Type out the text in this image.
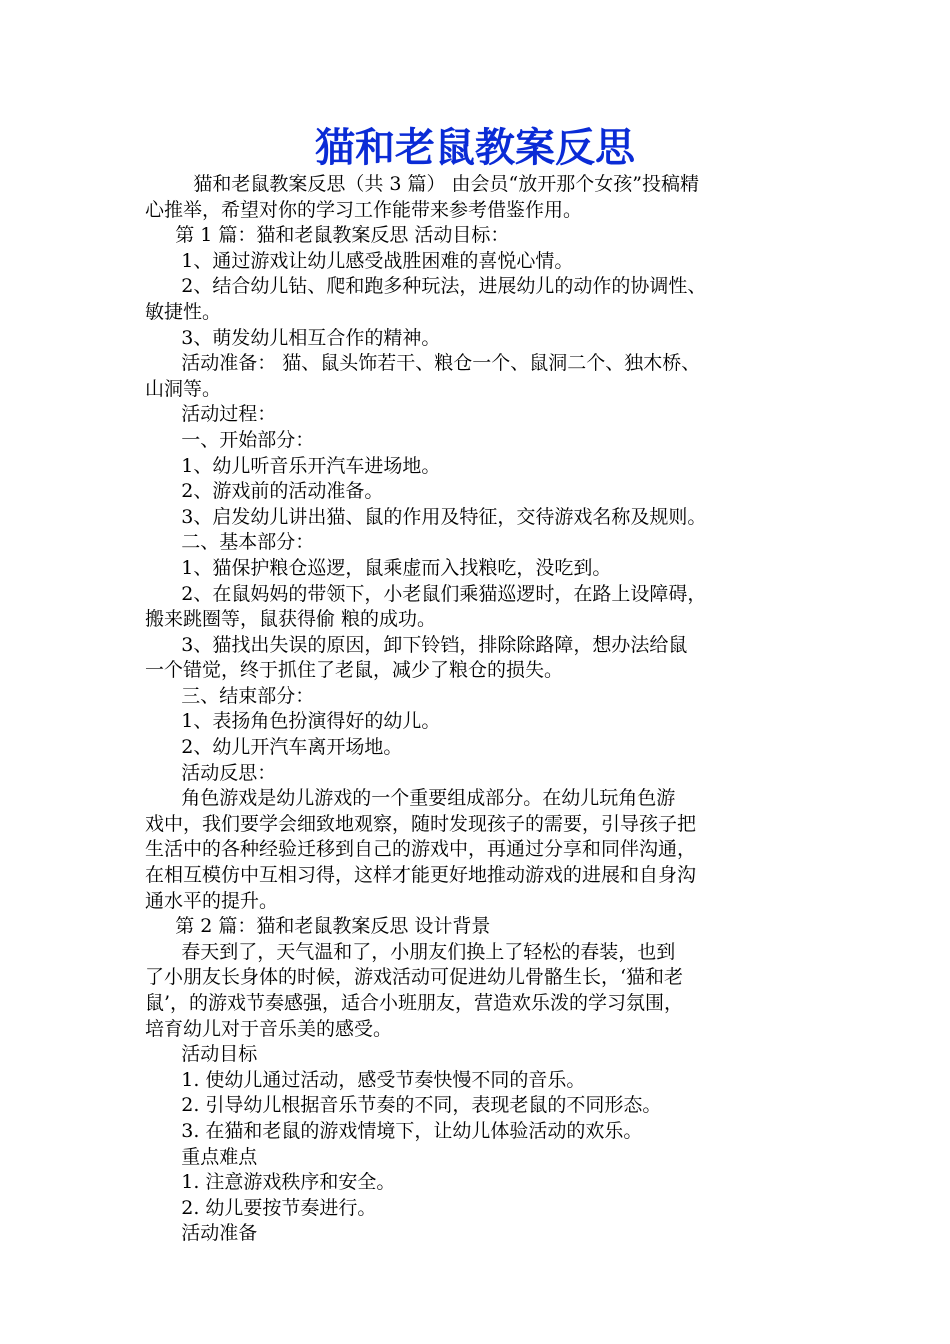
猫和老鼠教案反思
猫和老鼠教案反思（共 3 篇） 由会员“放开那个女孩”投稿精
心推举，希望对你的学习工作能带来参考借鉴作用。
第 1 篇：猫和老鼠教案反思 活动目标：
1、通过游戏让幼儿感受战胜困难的喜悦心情。
2、结合幼儿钻、爬和跑多种玩法，进展幼儿的动作的协调性、
敏捷性。
3、萌发幼儿相互合作的精神。
活动准备： 猫、鼠头饰若干、粮仓一个、鼠洞二个、独木桥、
山洞等。
活动过程：
一、开始部分：
1、幼儿听音乐开汽车进场地。
2、游戏前的活动准备。
3、启发幼儿讲出猫、鼠的作用及特征，交待游戏名称及规则。
二、基本部分：
1、猫保护粮仓巡逻，鼠乘虚而入找粮吃，没吃到。
2、在鼠妈妈的带领下，小老鼠们乘猫巡逻时，在路上设障碍，
搬来跳圈等，鼠获得偷 粮的成功。
3、猫找出失误的原因，卸下铃铛，排除除路障，想办法给鼠
一个错觉，终于抓住了老鼠，减少了粮仓的损失。
三、结束部分：
1、表扬角色扮演得好的幼儿。
2、幼儿开汽车离开场地。
活动反思：
角色游戏是幼儿游戏的一个重要组成部分。在幼儿玩角色游
戏中，我们要学会细致地观察，随时发现孩子的需要，引导孩子把
生活中的各种经验迁移到自己的游戏中，再通过分享和同伴沟通，
在相互模仿中互相习得，这样才能更好地推动游戏的进展和自身沟
通水平的提升。
第 2 篇：猫和老鼠教案反思 设计背景
春天到了，天气温和了，小朋友们换上了轻松的春装，也到
了小朋友长身体的时候，游戏活动可促进幼儿骨骼生长，‘猫和老
鼠’，的游戏节奏感强，适合小班朋友，营造欢乐泼的学习氛围，
培育幼儿对于音乐美的感受。
活动目标
1. 使幼儿通过活动，感受节奏快慢不同的音乐。
2. 引导幼儿根据音乐节奏的不同，表现老鼠的不同形态。
3. 在猫和老鼠的游戏情境下，让幼儿体验活动的欢乐。
重点难点
1. 注意游戏秩序和安全。
2. 幼儿要按节奏进行。
活动准备
